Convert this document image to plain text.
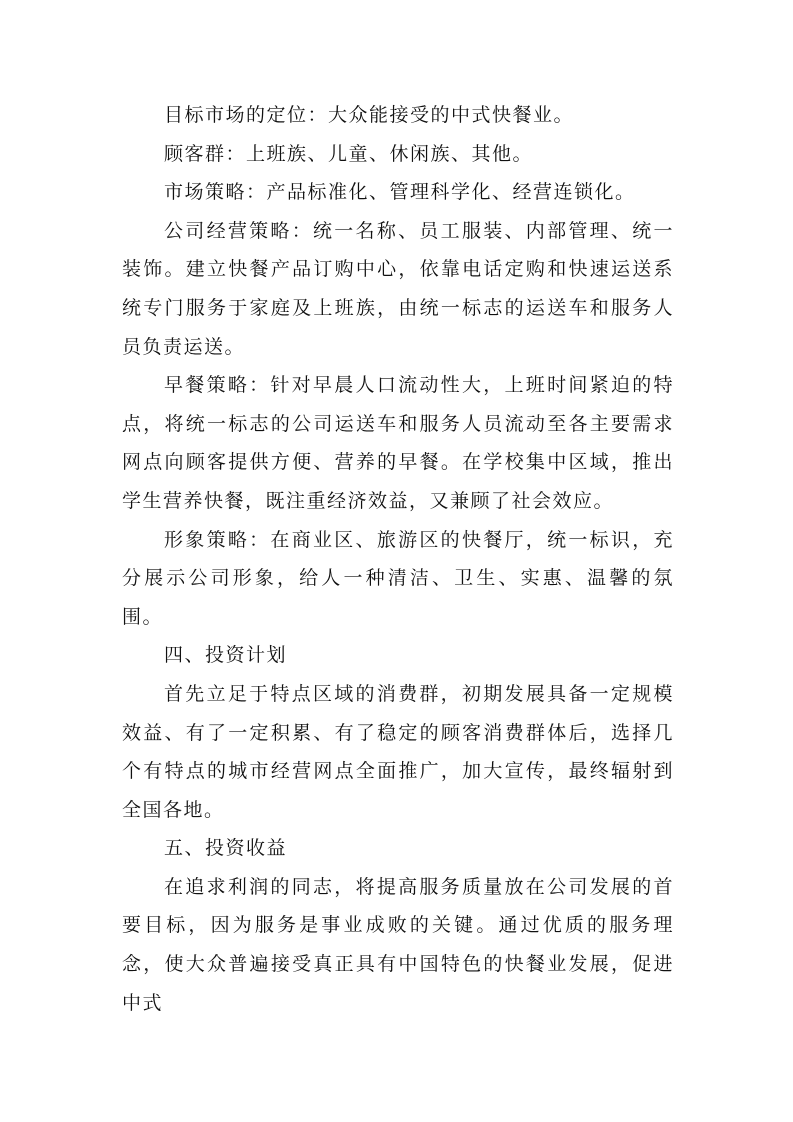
目标市场的定位：大众能接受的中式快餐业。

顾客群：上班族、儿童、休闲族、其他。

市场策略：产品标准化、管理科学化、经营连锁化。

公司经营策略：统一名称、员工服装、内部管理、统一装饰。建立快餐产品订购中心，依靠电话定购和快速运送系统专门服务于家庭及上班族，由统一标志的运送车和服务人员负责运送。

早餐策略：针对早晨人口流动性大，上班时间紧迫的特点，将统一标志的公司运送车和服务人员流动至各主要需求网点向顾客提供方便、营养的早餐。在学校集中区域，推出学生营养快餐，既注重经济效益，又兼顾了社会效应。

形象策略：在商业区、旅游区的快餐厅，统一标识，充分展示公司形象，给人一种清洁、卫生、实惠、温馨的氛围。

四、投资计划

首先立足于特点区域的消费群，初期发展具备一定规模效益、有了一定积累、有了稳定的顾客消费群体后，选择几个有特点的城市经营网点全面推广，加大宣传，最终辐射到全国各地。

五、投资收益

在追求利润的同志，将提高服务质量放在公司发展的首要目标，因为服务是事业成败的关键。通过优质的服务理念，使大众普遍接受真正具有中国特色的快餐业发展，促进中式
